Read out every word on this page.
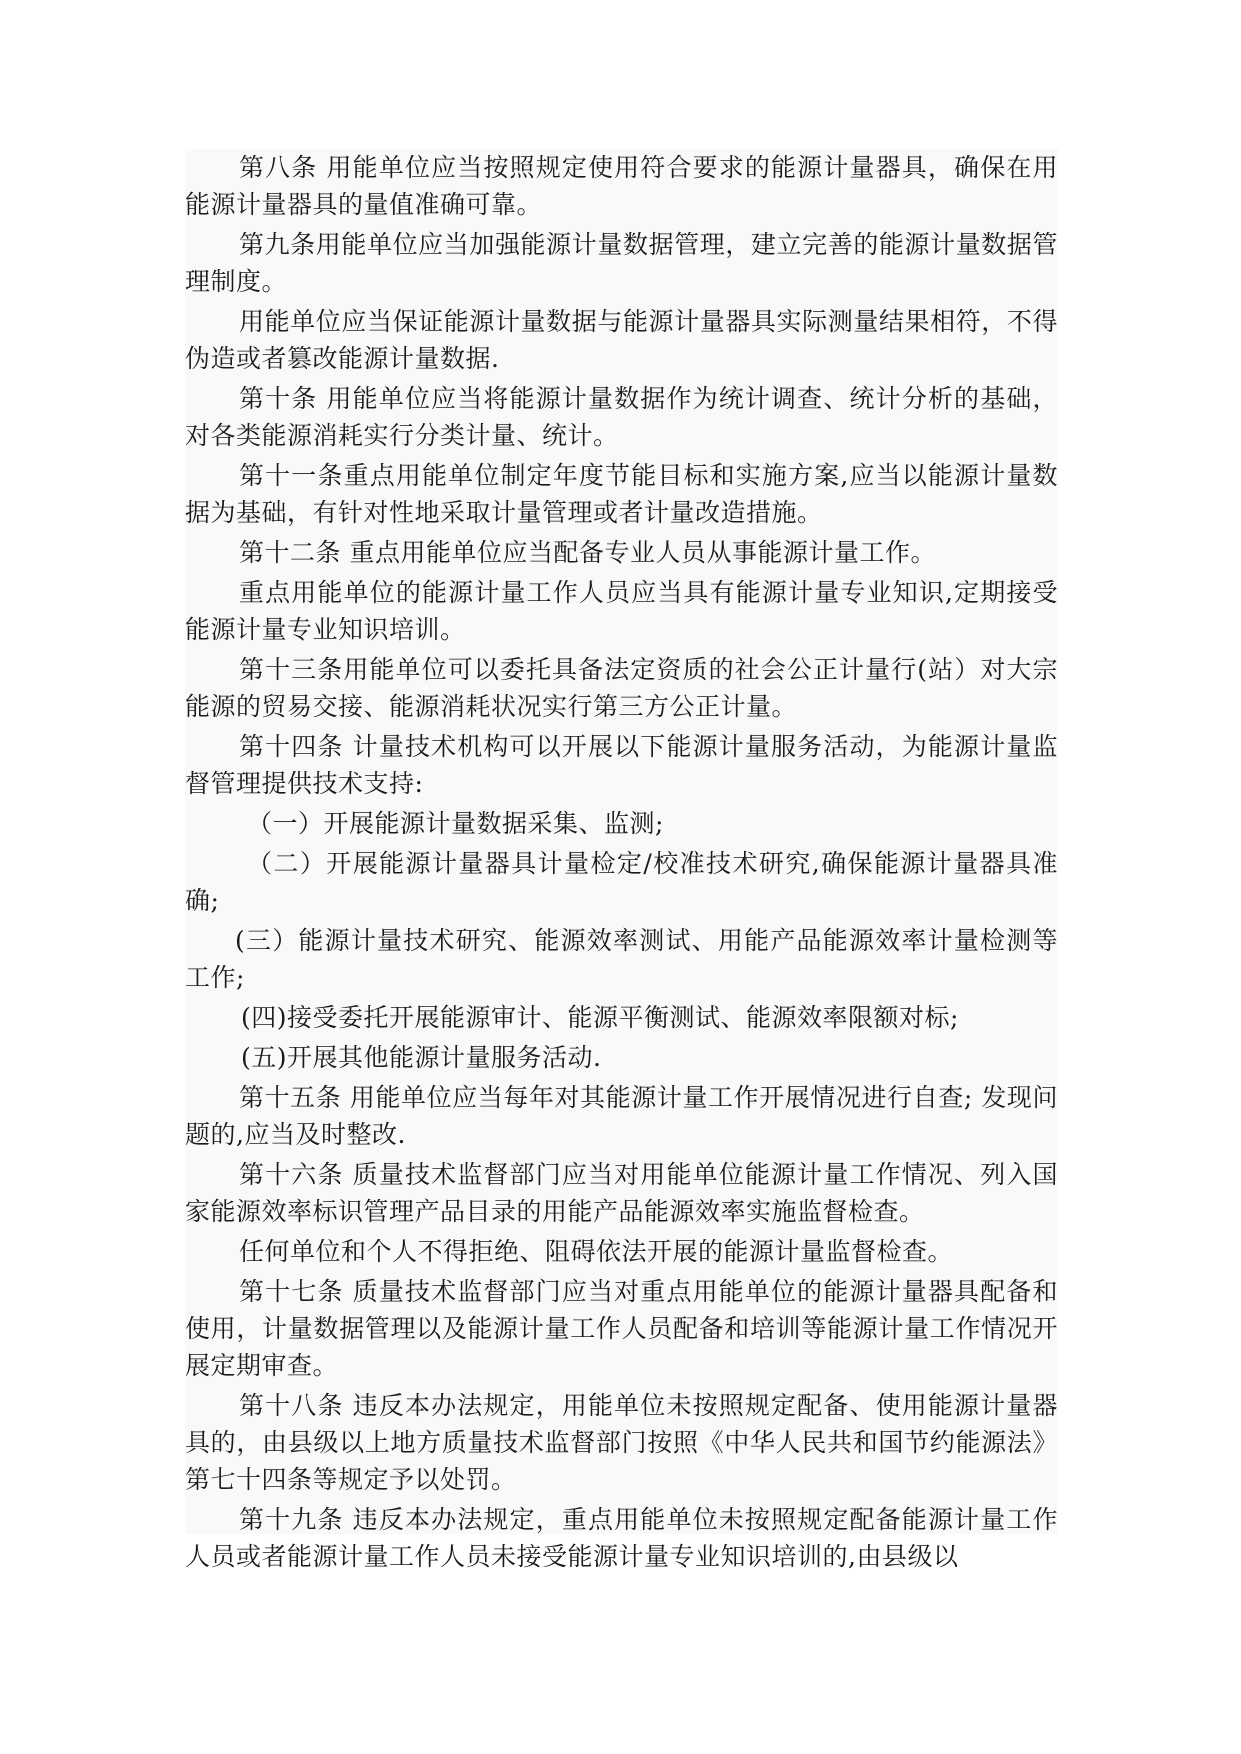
第八条 用能单位应当按照规定使用符合要求的能源计量器具，确保在用能源计量器具的量值准确可靠。

第九条用能单位应当加强能源计量数据管理，建立完善的能源计量数据管理制度。

用能单位应当保证能源计量数据与能源计量器具实际测量结果相符，不得伪造或者篡改能源计量数据.

第十条 用能单位应当将能源计量数据作为统计调查、统计分析的基础，对各类能源消耗实行分类计量、统计。

第十一条重点用能单位制定年度节能目标和实施方案,应当以能源计量数据为基础，有针对性地采取计量管理或者计量改造措施。

第十二条 重点用能单位应当配备专业人员从事能源计量工作。

重点用能单位的能源计量工作人员应当具有能源计量专业知识,定期接受能源计量专业知识培训。

第十三条用能单位可以委托具备法定资质的社会公正计量行(站）对大宗能源的贸易交接、能源消耗状况实行第三方公正计量。

第十四条 计量技术机构可以开展以下能源计量服务活动，为能源计量监督管理提供技术支持:

（一）开展能源计量数据采集、监测;

（二）开展能源计量器具计量检定/校准技术研究,确保能源计量器具准确;

(三）能源计量技术研究、能源效率测试、用能产品能源效率计量检测等工作;

(四)接受委托开展能源审计、能源平衡测试、能源效率限额对标;

(五)开展其他能源计量服务活动.

第十五条 用能单位应当每年对其能源计量工作开展情况进行自查; 发现问题的,应当及时整改.

第十六条 质量技术监督部门应当对用能单位能源计量工作情况、列入国家能源效率标识管理产品目录的用能产品能源效率实施监督检查。

任何单位和个人不得拒绝、阻碍依法开展的能源计量监督检查。

第十七条 质量技术监督部门应当对重点用能单位的能源计量器具配备和使用，计量数据管理以及能源计量工作人员配备和培训等能源计量工作情况开展定期审查。

第十八条 违反本办法规定，用能单位未按照规定配备、使用能源计量器具的，由县级以上地方质量技术监督部门按照《中华人民共和国节约能源法》第七十四条等规定予以处罚。

第十九条 违反本办法规定，重点用能单位未按照规定配备能源计量工作人员或者能源计量工作人员未接受能源计量专业知识培训的,由县级以
